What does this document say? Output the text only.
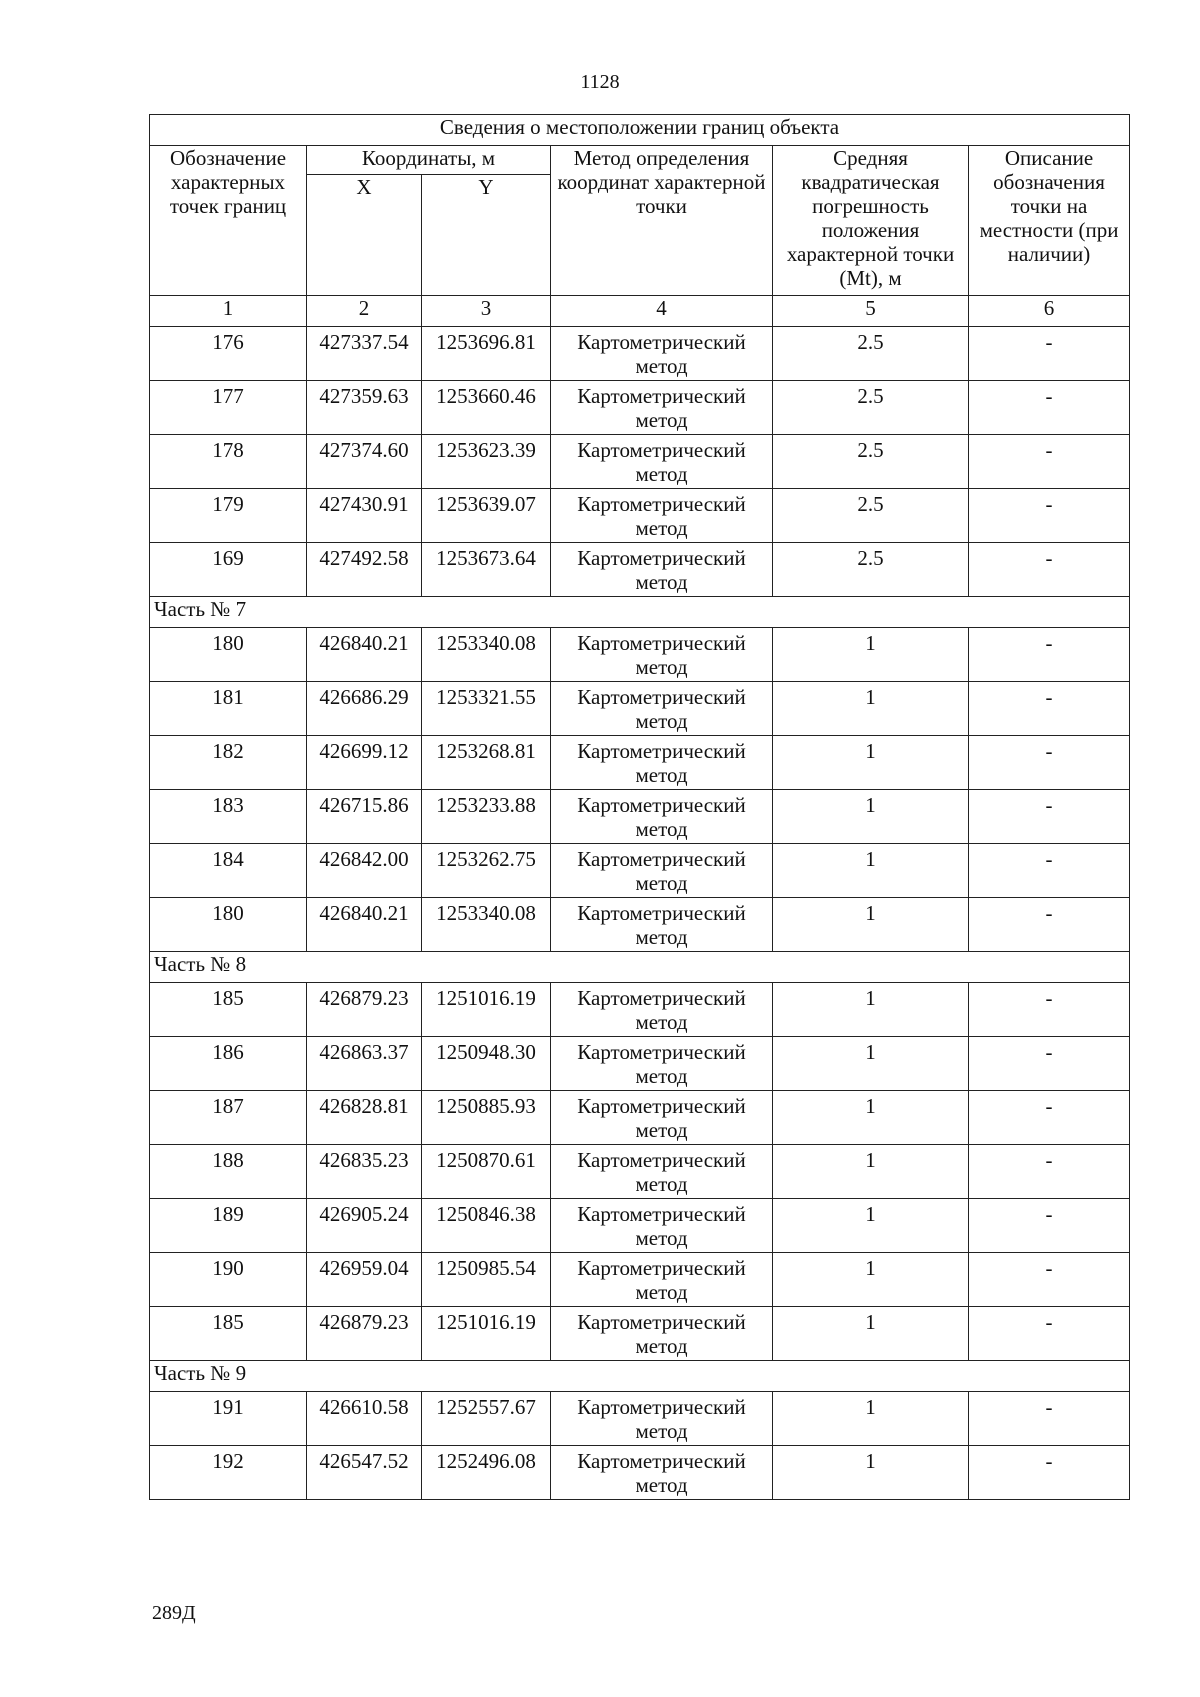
1128
Сведения о местоположении границ объекта					
Обозначение характерных точек границ	Координаты, м		Метод определения координат характерной точки	Средняя квадратическая погрешность положения характерной точки (Mt), м	Описание обозначения точки на местности (при наличии)
	X	Y			
1	2	3	4	5	6
176	427337.54	1253696.81	Картометрический метод	2.5	-
177	427359.63	1253660.46	Картометрический метод	2.5	-
178	427374.60	1253623.39	Картометрический метод	2.5	-
179	427430.91	1253639.07	Картометрический метод	2.5	-
169	427492.58	1253673.64	Картометрический метод	2.5	-
Часть № 7					
180	426840.21	1253340.08	Картометрический метод	1	-
181	426686.29	1253321.55	Картометрический метод	1	-
182	426699.12	1253268.81	Картометрический метод	1	-
183	426715.86	1253233.88	Картометрический метод	1	-
184	426842.00	1253262.75	Картометрический метод	1	-
180	426840.21	1253340.08	Картометрический метод	1	-
Часть № 8					
185	426879.23	1251016.19	Картометрический метод	1	-
186	426863.37	1250948.30	Картометрический метод	1	-
187	426828.81	1250885.93	Картометрический метод	1	-
188	426835.23	1250870.61	Картометрический метод	1	-
189	426905.24	1250846.38	Картометрический метод	1	-
190	426959.04	1250985.54	Картометрический метод	1	-
185	426879.23	1251016.19	Картометрический метод	1	-
Часть № 9					
191	426610.58	1252557.67	Картометрический метод	1	-
192	426547.52	1252496.08	Картометрический метод	1	-
289Д
